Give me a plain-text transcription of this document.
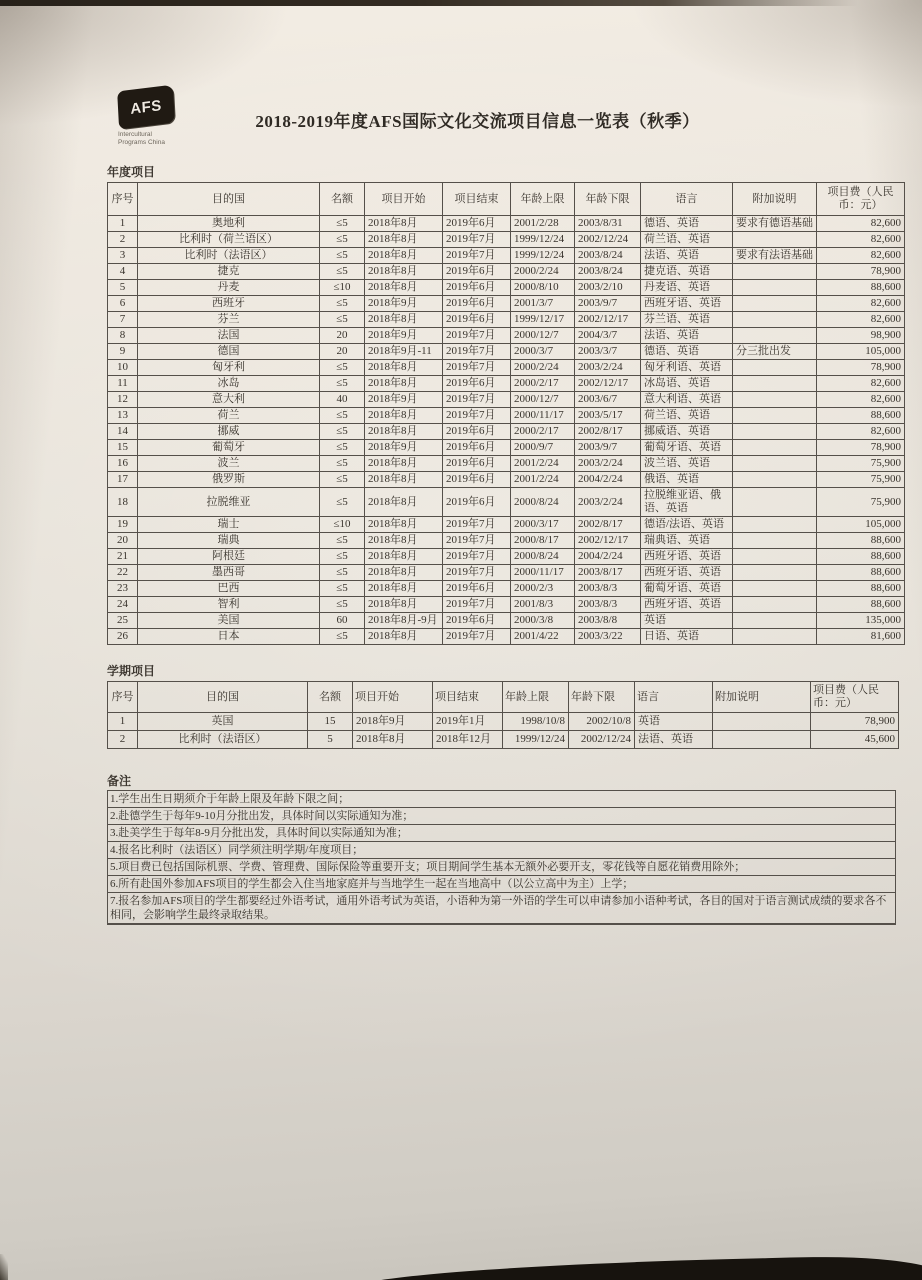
AFS
Intercultural Programs China
2018-2019年度AFS国际文化交流项目信息一览表（秋季）
年度项目
序号	目的国	名额	项目开始	项目结束	年龄上限	年龄下限	语言	附加说明	项目费（人民币：元）
1	奥地利	≤5	2018年8月	2019年6月	2001/2/28	2003/8/31	德语、英语	要求有德语基础	82,600
2	比利时（荷兰语区）	≤5	2018年8月	2019年7月	1999/12/24	2002/12/24	荷兰语、英语		82,600
3	比利时（法语区）	≤5	2018年8月	2019年7月	1999/12/24	2003/8/24	法语、英语	要求有法语基础	82,600
4	捷克	≤5	2018年8月	2019年6月	2000/2/24	2003/8/24	捷克语、英语		78,900
5	丹麦	≤10	2018年8月	2019年6月	2000/8/10	2003/2/10	丹麦语、英语		88,600
6	西班牙	≤5	2018年9月	2019年6月	2001/3/7	2003/9/7	西班牙语、英语		82,600
7	芬兰	≤5	2018年8月	2019年6月	1999/12/17	2002/12/17	芬兰语、英语		82,600
8	法国	20	2018年9月	2019年7月	2000/12/7	2004/3/7	法语、英语		98,900
9	德国	20	2018年9月-11	2019年7月	2000/3/7	2003/3/7	德语、英语	分三批出发	105,000
10	匈牙利	≤5	2018年8月	2019年7月	2000/2/24	2003/2/24	匈牙利语、英语		78,900
11	冰岛	≤5	2018年8月	2019年6月	2000/2/17	2002/12/17	冰岛语、英语		82,600
12	意大利	40	2018年9月	2019年7月	2000/12/7	2003/6/7	意大利语、英语		82,600
13	荷兰	≤5	2018年8月	2019年7月	2000/11/17	2003/5/17	荷兰语、英语		88,600
14	挪威	≤5	2018年8月	2019年6月	2000/2/17	2002/8/17	挪威语、英语		82,600
15	葡萄牙	≤5	2018年9月	2019年6月	2000/9/7	2003/9/7	葡萄牙语、英语		78,900
16	波兰	≤5	2018年8月	2019年6月	2001/2/24	2003/2/24	波兰语、英语		75,900
17	俄罗斯	≤5	2018年8月	2019年6月	2001/2/24	2004/2/24	俄语、英语		75,900
18	拉脱维亚	≤5	2018年8月	2019年6月	2000/8/24	2003/2/24	拉脱维亚语、俄语、英语		75,900
19	瑞士	≤10	2018年8月	2019年7月	2000/3/17	2002/8/17	德语/法语、英语		105,000
20	瑞典	≤5	2018年8月	2019年7月	2000/8/17	2002/12/17	瑞典语、英语		88,600
21	阿根廷	≤5	2018年8月	2019年7月	2000/8/24	2004/2/24	西班牙语、英语		88,600
22	墨西哥	≤5	2018年8月	2019年7月	2000/11/17	2003/8/17	西班牙语、英语		88,600
23	巴西	≤5	2018年8月	2019年6月	2000/2/3	2003/8/3	葡萄牙语、英语		88,600
24	智利	≤5	2018年8月	2019年7月	2001/8/3	2003/8/3	西班牙语、英语		88,600
25	美国	60	2018年8月-9月	2019年6月	2000/3/8	2003/8/8	英语		135,000
26	日本	≤5	2018年8月	2019年7月	2001/4/22	2003/3/22	日语、英语		81,600
学期项目
序号	目的国	名额	项目开始	项目结束	年龄上限	年龄下限	语言	附加说明	项目费（人民币：元）
1	英国	15	2018年9月	2019年1月	1998/10/8	2002/10/8	英语		78,900
2	比利时（法语区）	5	2018年8月	2018年12月	1999/12/24	2002/12/24	法语、英语		45,600
备注
1.学生出生日期须介于年龄上限及年龄下限之间；
2.赴德学生于每年9-10月分批出发，具体时间以实际通知为准；
3.赴美学生于每年8-9月分批出发，具体时间以实际通知为准；
4.报名比利时（法语区）同学须注明学期/年度项目；
5.项目费已包括国际机票、学费、管理费、国际保险等重要开支；项目期间学生基本无额外必要开支，零花钱等自愿花销费用除外；
6.所有赴国外参加AFS项目的学生都会入住当地家庭并与当地学生一起在当地高中（以公立高中为主）上学；
7.报名参加AFS项目的学生都要经过外语考试，通用外语考试为英语，小语种为第一外语的学生可以申请参加小语种考试，各目的国对于语言测试成绩的要求各不相同，会影响学生最终录取结果。
